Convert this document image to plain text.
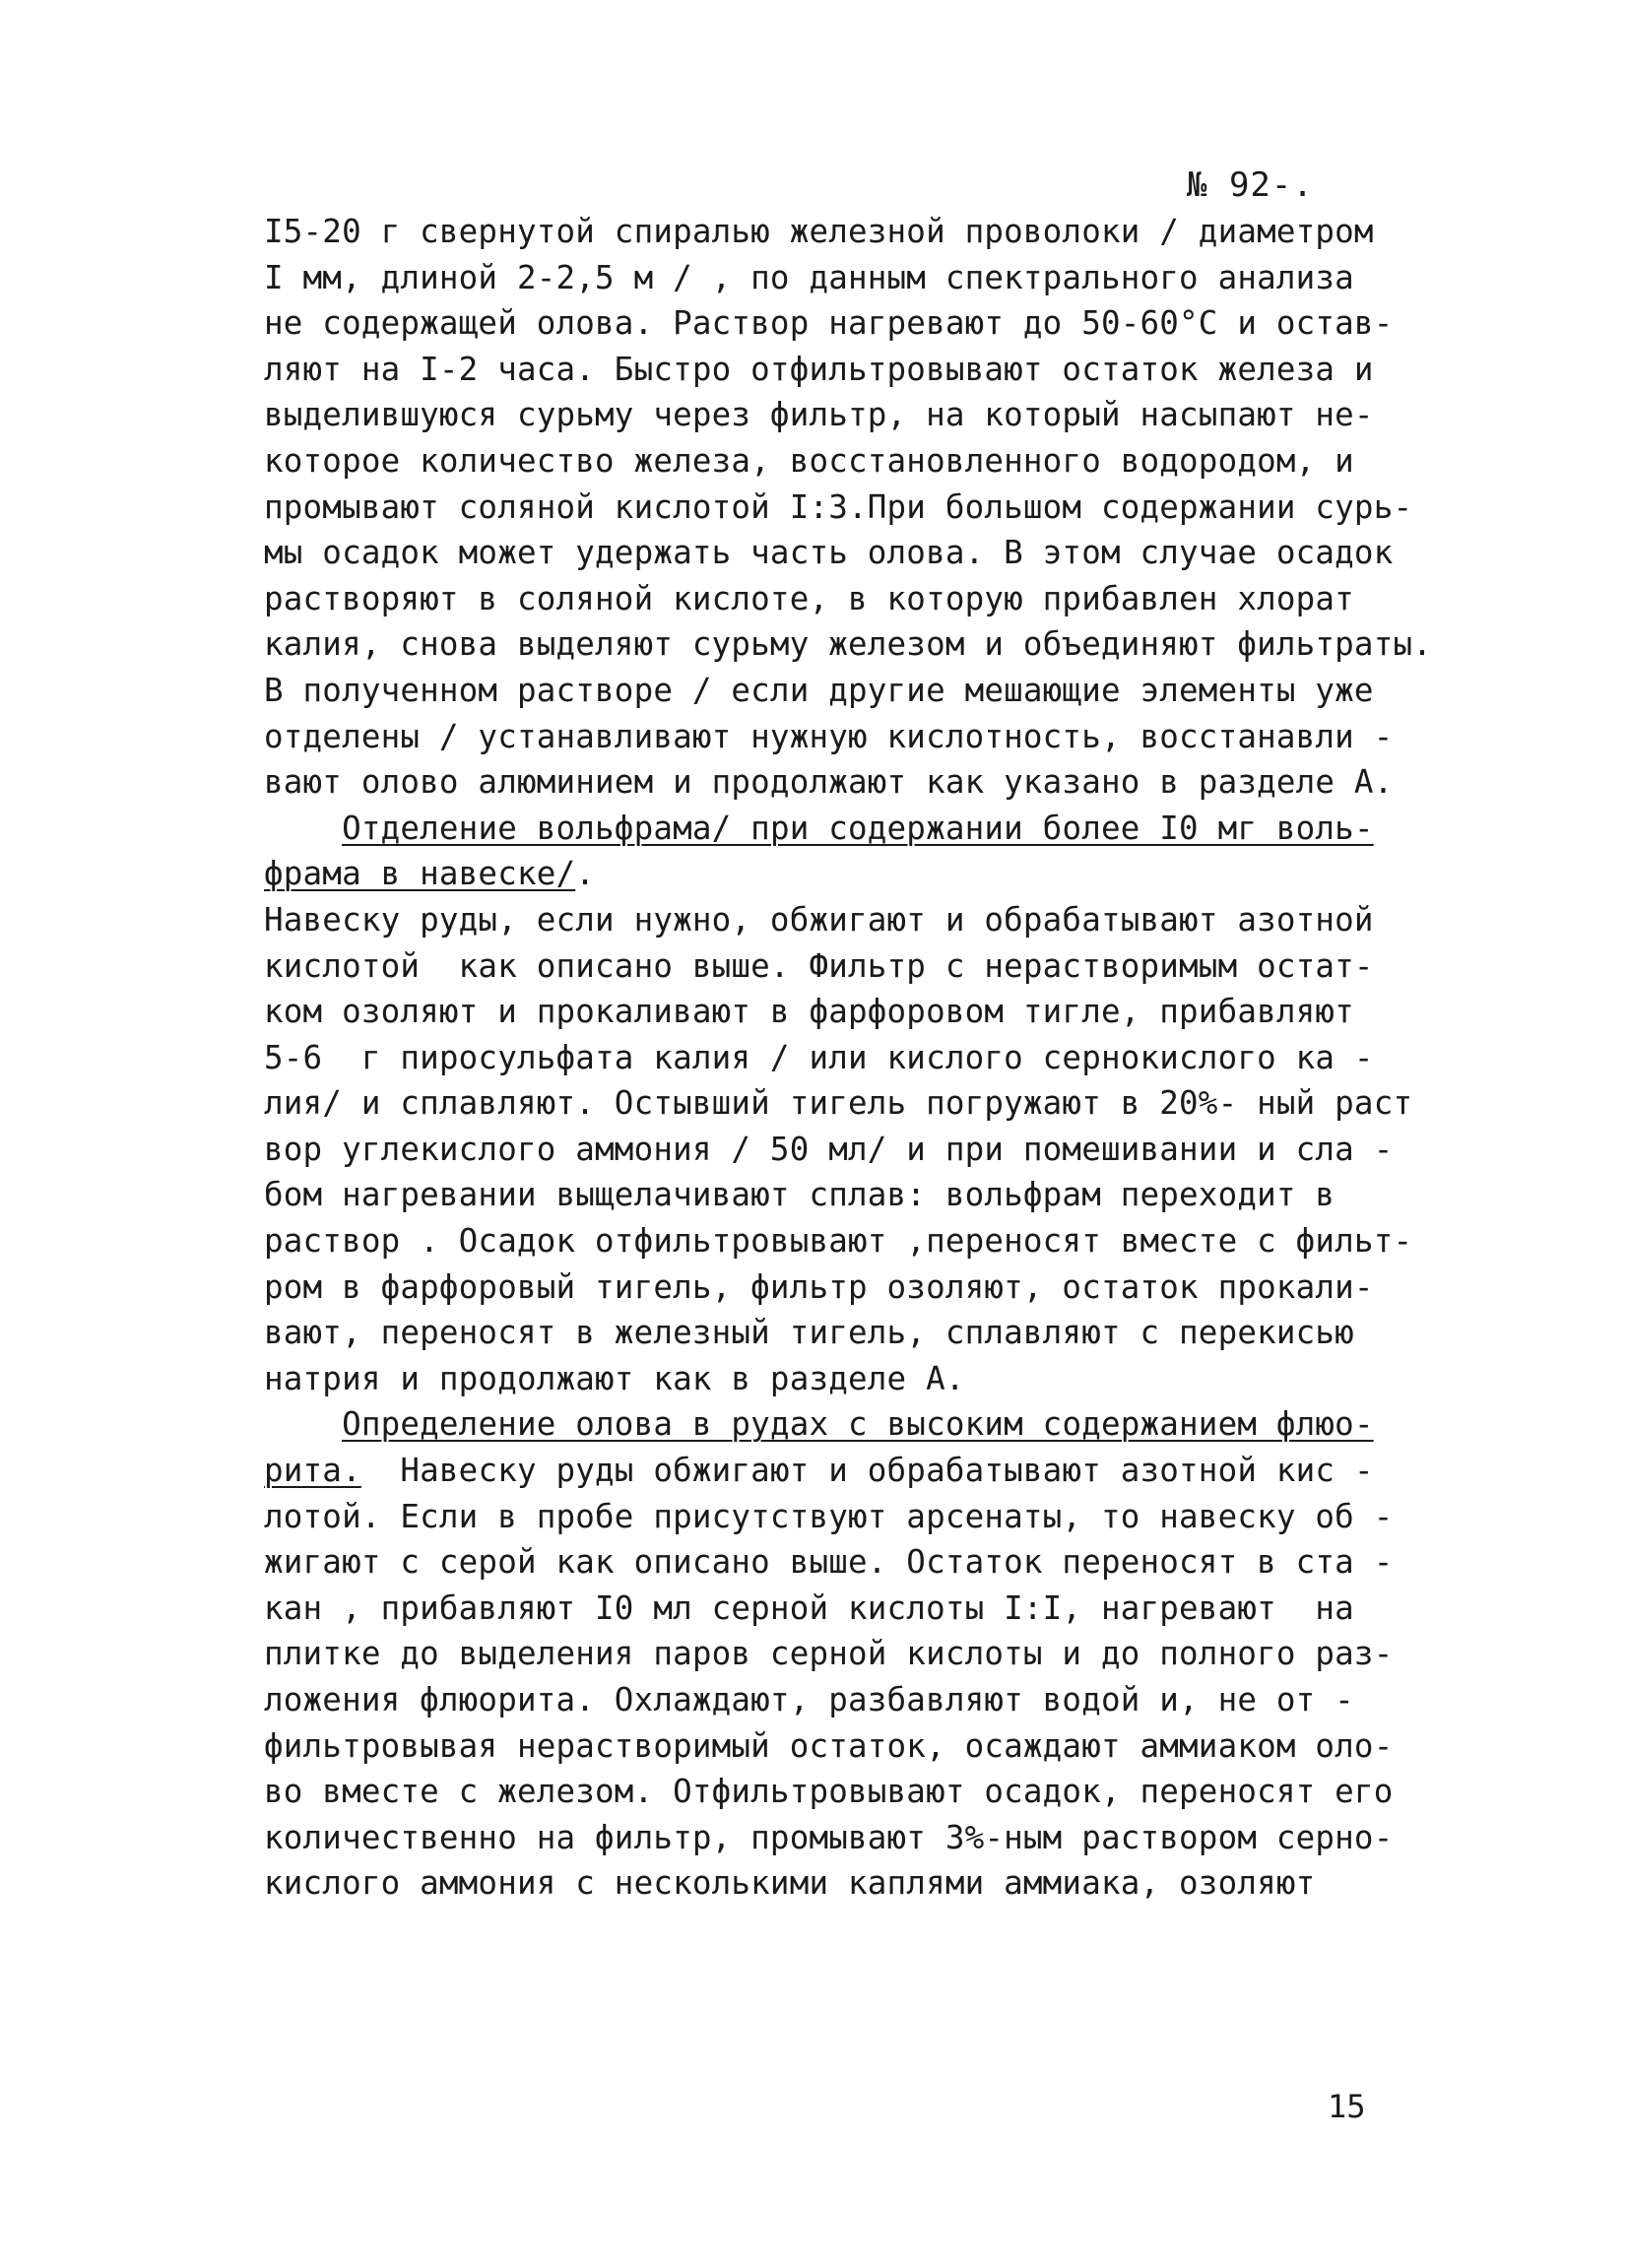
№ 92-.
I5-20 г свернутой спиралью железной проволоки / диаметром
I мм, длиной 2-2,5 м / , по данным спектрального анализа
не содержащей олова. Раствор нагревают до 50-60°С и остав-
ляют на I-2 часа. Быстро отфильтровывают остаток железа и
выделившуюся сурьму через фильтр, на который насыпают не-
которое количество железа, восстановленного водородом, и
промывают соляной кислотой I:3.При большом содержании сурь-
мы осадок может удержать часть олова. В этом случае осадок
растворяют в соляной кислоте, в которую прибавлен хлорат
калия, снова выделяют сурьму железом и объединяют фильтраты.
В полученном растворе / если другие мешающие элементы уже
отделены / устанавливают нужную кислотность, восстанавли -
вают олово алюминием и продолжают как указано в разделе А.
Отделение вольфрама/ при содержании более I0 мг воль-
фрама в навеске/.
Навеску руды, если нужно, обжигают и обрабатывают азотной
кислотой  как описано выше. Фильтр с нерастворимым остат-
ком озоляют и прокаливают в фарфоровом тигле, прибавляют
5-6  г пиросульфата калия / или кислого сернокислого ка -
лия/ и сплавляют. Остывший тигель погружают в 20%- ный раст
вор углекислого аммония / 50 мл/ и при помешивании и сла -
бом нагревании выщелачивают сплав: вольфрам переходит в
раствор . Осадок отфильтровывают ,переносят вместе с фильт-
ром в фарфоровый тигель, фильтр озоляют, остаток прокали-
вают, переносят в железный тигель, сплавляют с перекисью
натрия и продолжают как в разделе А.
Определение олова в рудах с высоким содержанием флюо-
рита.  Навеску руды обжигают и обрабатывают азотной кис -
лотой. Если в пробе присутствуют арсенаты, то навеску об -
жигают с серой как описано выше. Остаток переносят в ста -
кан , прибавляют I0 мл серной кислоты I:I, нагревают  на
плитке до выделения паров серной кислоты и до полного раз-
ложения флюорита. Охлаждают, разбавляют водой и, не от -
фильтровывая нерастворимый остаток, осаждают аммиаком оло-
во вместе с железом. Отфильтровывают осадок, переносят его
количественно на фильтр, промывают 3%-ным раствором серно-
кислого аммония с несколькими каплями аммиака, озоляют
15
